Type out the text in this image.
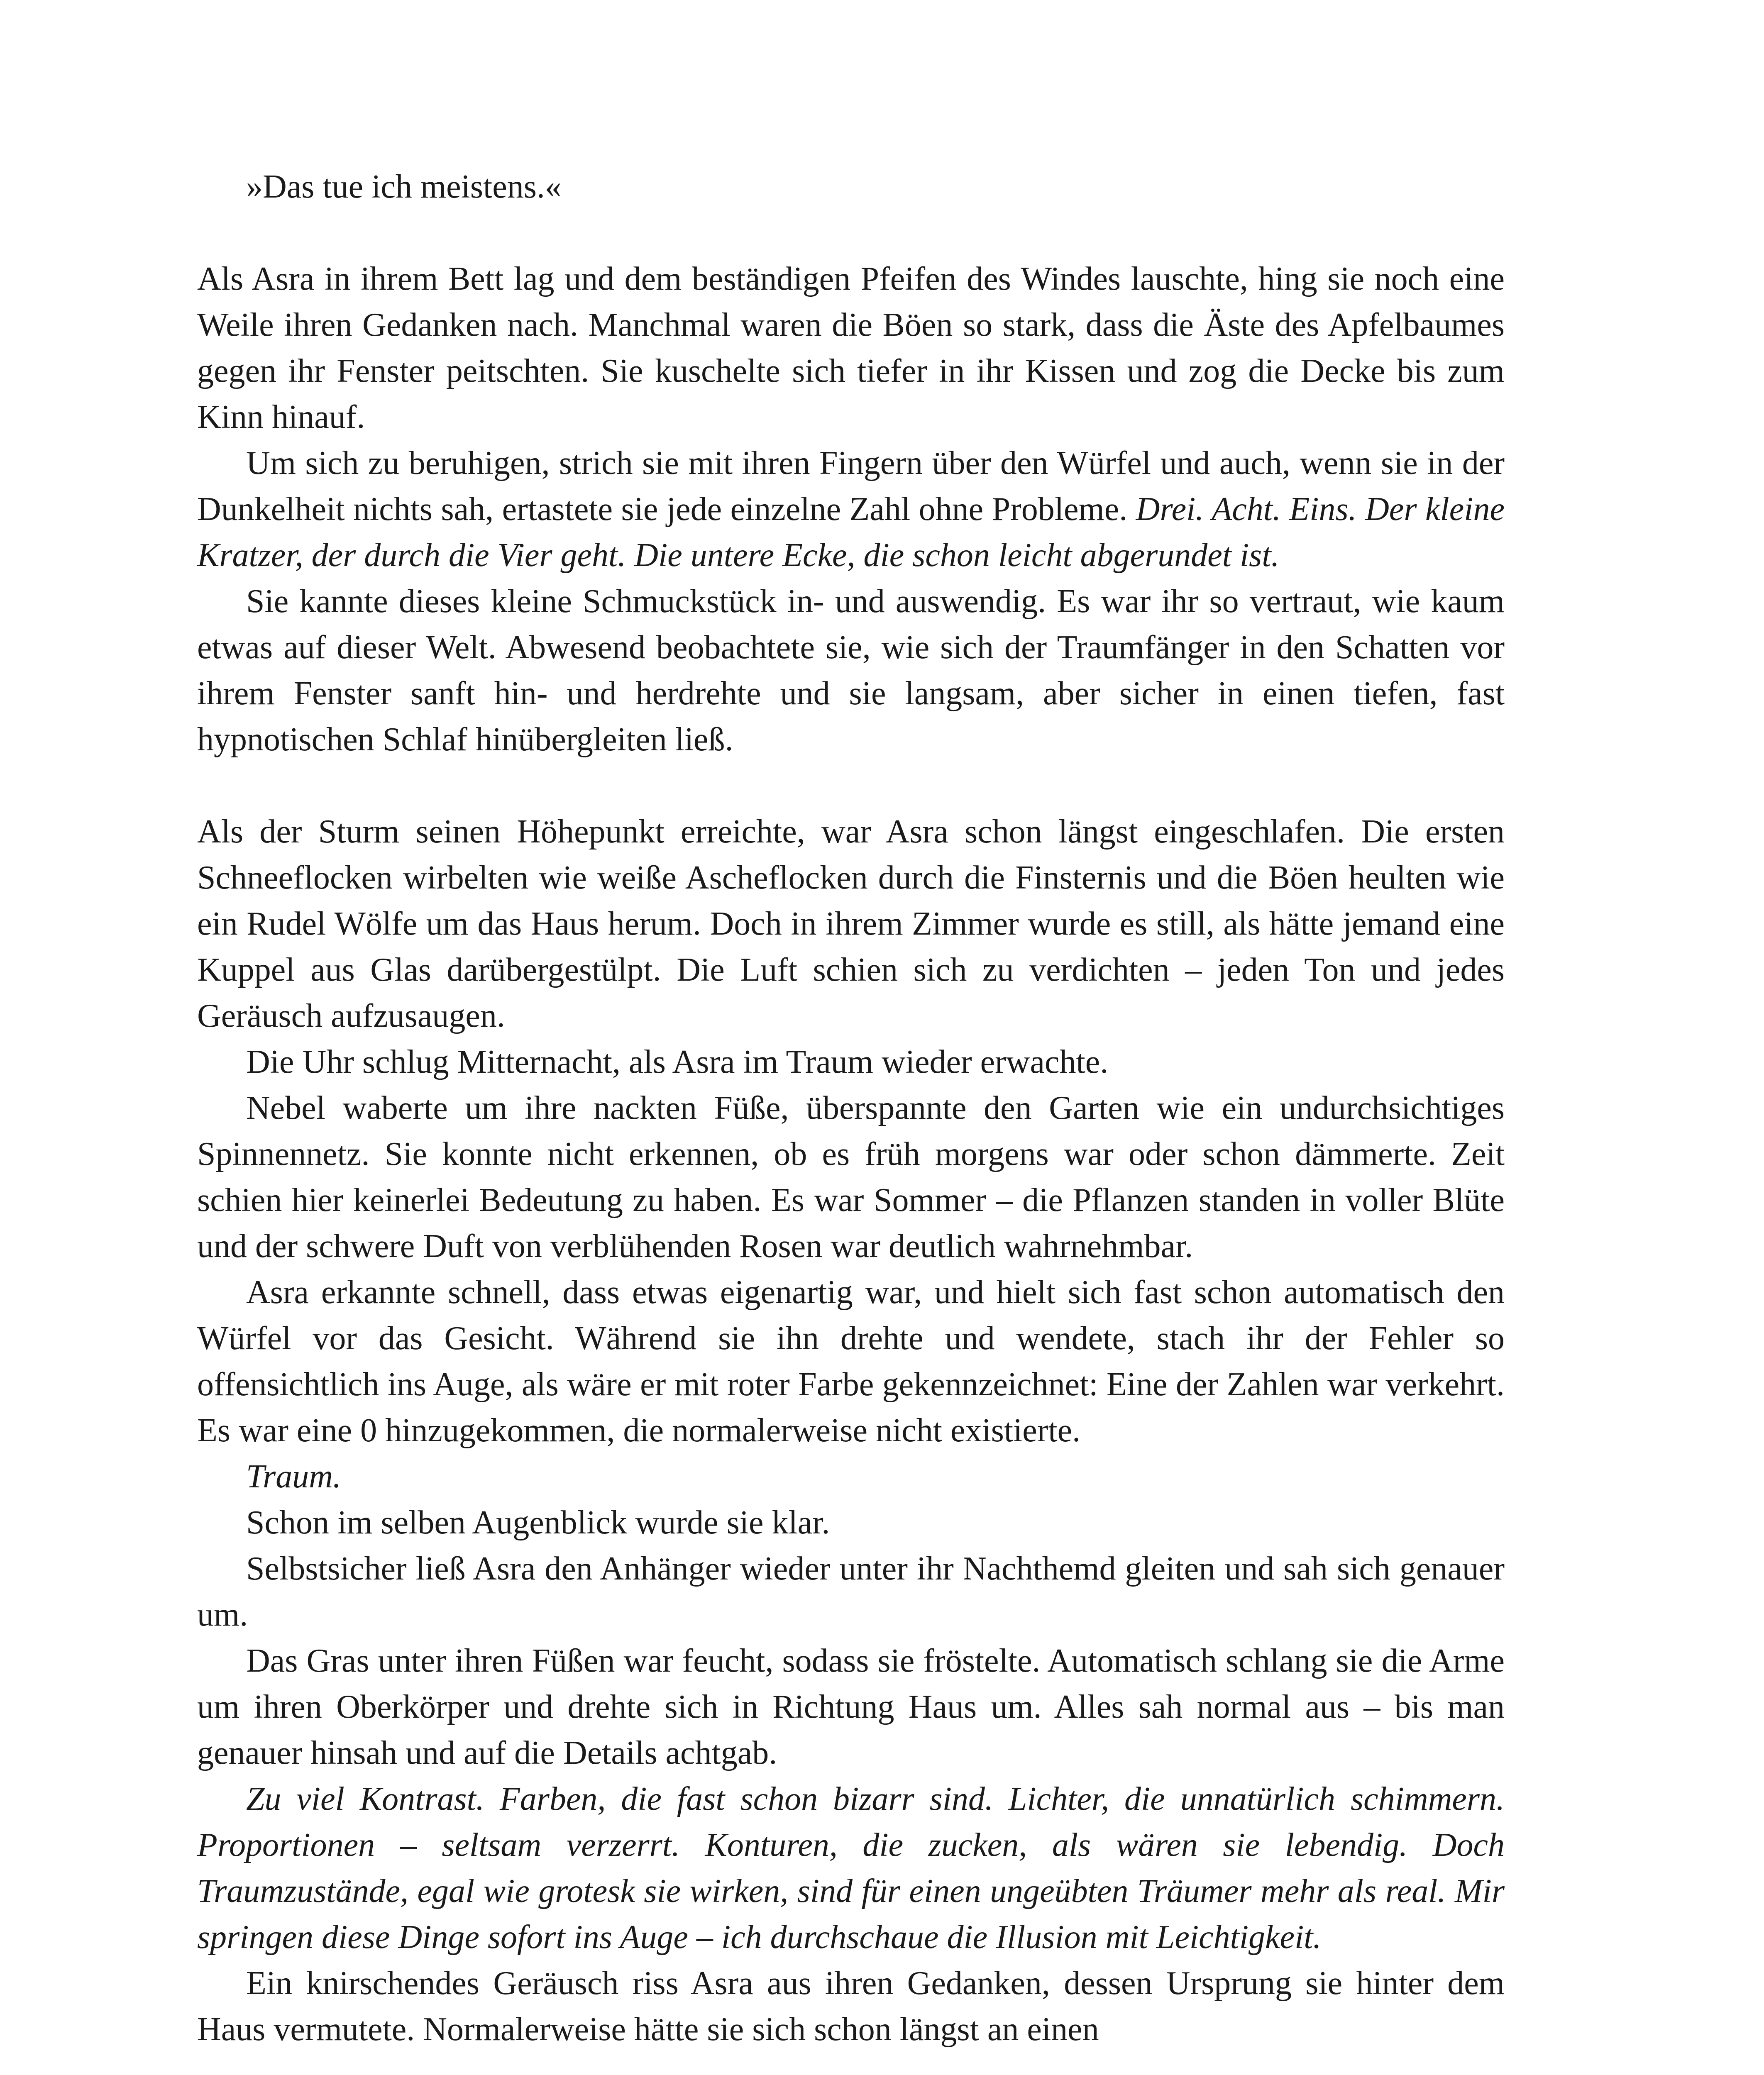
»Das tue ich meistens.«

Als Asra in ihrem Bett lag und dem beständigen Pfeifen des Windes lauschte, hing sie noch eine Weile ihren Gedanken nach. Manchmal waren die Böen so stark, dass die Äste des Apfelbaumes gegen ihr Fenster peitschten. Sie kuschelte sich tiefer in ihr Kissen und zog die Decke bis zum Kinn hinauf.

Um sich zu beruhigen, strich sie mit ihren Fingern über den Würfel und auch, wenn sie in der Dunkelheit nichts sah, ertastete sie jede einzelne Zahl ohne Probleme. Drei. Acht. Eins. Der kleine Kratzer, der durch die Vier geht. Die untere Ecke, die schon leicht abgerundet ist.

Sie kannte dieses kleine Schmuckstück in- und auswendig. Es war ihr so vertraut, wie kaum etwas auf dieser Welt. Abwesend beobachtete sie, wie sich der Traumfänger in den Schatten vor ihrem Fenster sanft hin- und herdrehte und sie langsam, aber sicher in einen tiefen, fast hypnotischen Schlaf hinübergleiten ließ.

Als der Sturm seinen Höhepunkt erreichte, war Asra schon längst eingeschlafen. Die ersten Schneeflocken wirbelten wie weiße Ascheflocken durch die Finsternis und die Böen heulten wie ein Rudel Wölfe um das Haus herum. Doch in ihrem Zimmer wurde es still, als hätte jemand eine Kuppel aus Glas darübergestülpt. Die Luft schien sich zu verdichten – jeden Ton und jedes Geräusch aufzusaugen.

Die Uhr schlug Mitternacht, als Asra im Traum wieder erwachte.

Nebel waberte um ihre nackten Füße, überspannte den Garten wie ein undurchsichtiges Spinnennetz. Sie konnte nicht erkennen, ob es früh morgens war oder schon dämmerte. Zeit schien hier keinerlei Bedeutung zu haben. Es war Sommer – die Pflanzen standen in voller Blüte und der schwere Duft von verblühenden Rosen war deutlich wahrnehmbar.

Asra erkannte schnell, dass etwas eigenartig war, und hielt sich fast schon automatisch den Würfel vor das Gesicht. Während sie ihn drehte und wendete, stach ihr der Fehler so offensichtlich ins Auge, als wäre er mit roter Farbe gekennzeichnet: Eine der Zahlen war verkehrt. Es war eine 0 hinzugekommen, die normalerweise nicht existierte.

Traum.

Schon im selben Augenblick wurde sie klar.

Selbstsicher ließ Asra den Anhänger wieder unter ihr Nachthemd gleiten und sah sich genauer um.

Das Gras unter ihren Füßen war feucht, sodass sie fröstelte. Automatisch schlang sie die Arme um ihren Oberkörper und drehte sich in Richtung Haus um. Alles sah normal aus – bis man genauer hinsah und auf die Details achtgab.

Zu viel Kontrast. Farben, die fast schon bizarr sind. Lichter, die unnatürlich schimmern. Proportionen – seltsam verzerrt. Konturen, die zucken, als wären sie lebendig. Doch Traumzustände, egal wie grotesk sie wirken, sind für einen ungeübten Träumer mehr als real. Mir springen diese Dinge sofort ins Auge – ich durchschaue die Illusion mit Leichtigkeit.

Ein knirschendes Geräusch riss Asra aus ihren Gedanken, dessen Ursprung sie hinter dem Haus vermutete. Normalerweise hätte sie sich schon längst an einen
